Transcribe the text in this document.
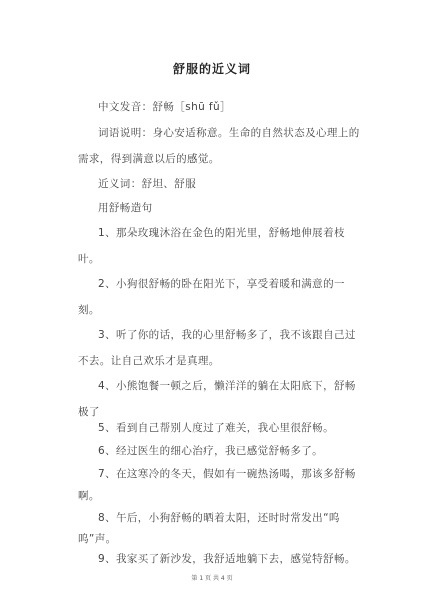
舒服的近义词
中文发音：舒畅［shū fǔ］
词语说明：身心安适称意。生命的自然状态及心理上的
需求，得到满意以后的感觉。
近义词：舒坦、舒服
用舒畅造句
1、那朵玫瑰沐浴在金色的阳光里，舒畅地伸展着枝
叶。
2、小狗很舒畅的卧在阳光下，享受着暖和满意的一
刻。
3、听了你的话，我的心里舒畅多了，我不该跟自己过
不去。让自己欢乐才是真理。
4、小熊饱餐一顿之后，懒洋洋的躺在太阳底下，舒畅
极了
5、看到自己帮别人度过了难关，我心里很舒畅。
6、经过医生的细心治疗，我已感觉舒畅多了。
7、在这寒冷的冬天，假如有一碗热汤喝，那该多舒畅
啊。
8、午后，小狗舒畅的晒着太阳，还时时常发出“呜
呜”声。
第 1 页 共 4 页
9、我家买了新沙发，我舒适地躺下去，感觉特舒畅。
